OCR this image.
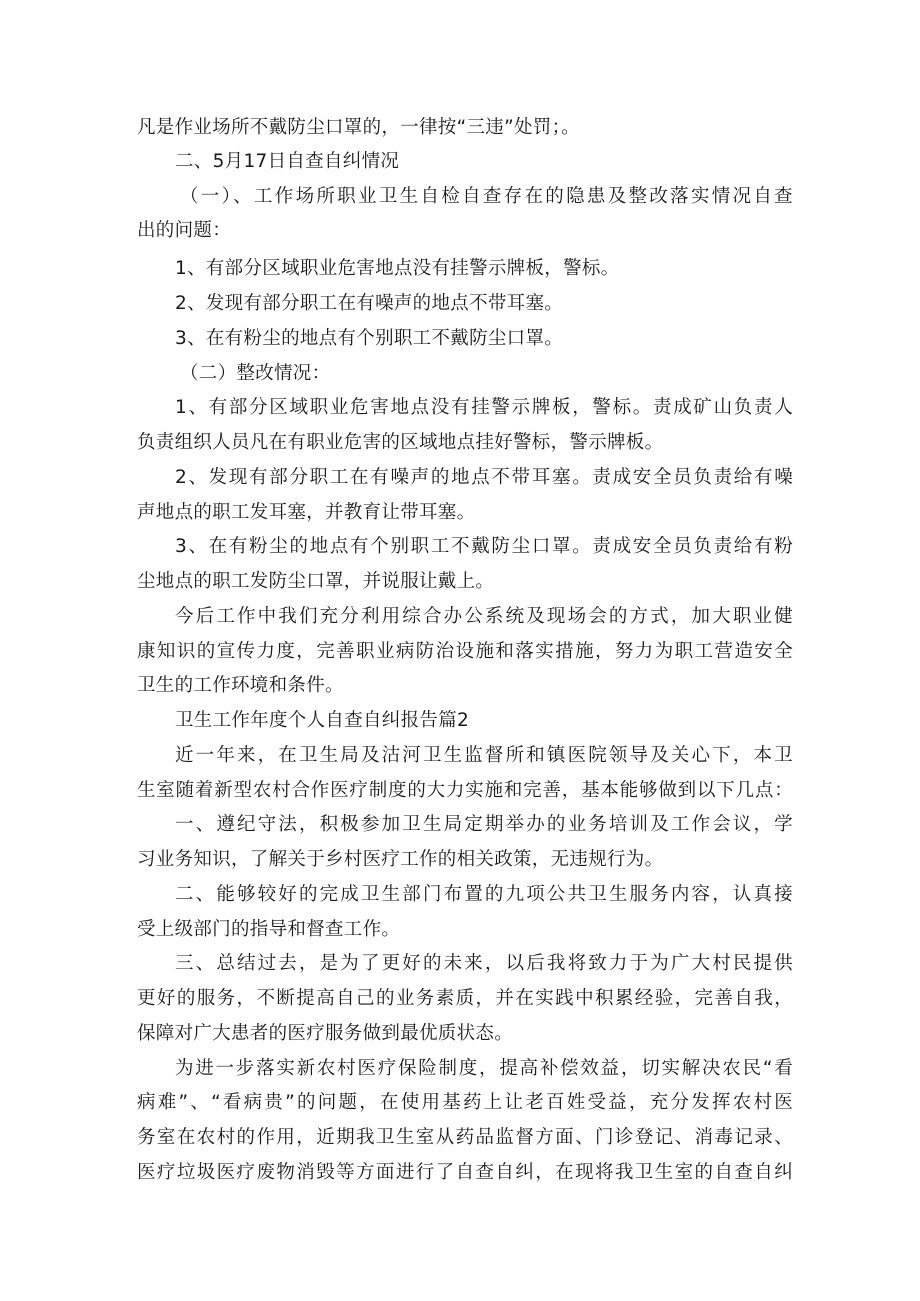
凡是作业场所不戴防尘口罩的，一律按“三违”处罚；。
二、5月17日自查自纠情况
（一）、工作场所职业卫生自检自查存在的隐患及整改落实情况自查
出的问题：
1、有部分区域职业危害地点没有挂警示牌板，警标。
2、发现有部分职工在有噪声的地点不带耳塞。
3、在有粉尘的地点有个别职工不戴防尘口罩。
（二）整改情况：
1、有部分区域职业危害地点没有挂警示牌板，警标。责成矿山负责人
负责组织人员凡在有职业危害的区域地点挂好警标，警示牌板。
2、发现有部分职工在有噪声的地点不带耳塞。责成安全员负责给有噪
声地点的职工发耳塞，并教育让带耳塞。
3、在有粉尘的地点有个别职工不戴防尘口罩。责成安全员负责给有粉
尘地点的职工发防尘口罩，并说服让戴上。
今后工作中我们充分利用综合办公系统及现场会的方式，加大职业健
康知识的宣传力度，完善职业病防治设施和落实措施，努力为职工营造安全
卫生的工作环境和条件。
卫生工作年度个人自查自纠报告篇2
近一年来，在卫生局及沽河卫生监督所和镇医院领导及关心下，本卫
生室随着新型农村合作医疗制度的大力实施和完善，基本能够做到以下几点：
一、遵纪守法，积极参加卫生局定期举办的业务培训及工作会议，学
习业务知识，了解关于乡村医疗工作的相关政策，无违规行为。
二、能够较好的完成卫生部门布置的九项公共卫生服务内容，认真接
受上级部门的指导和督查工作。
三、总结过去，是为了更好的未来，以后我将致力于为广大村民提供
更好的服务，不断提高自己的业务素质，并在实践中积累经验，完善自我，
保障对广大患者的医疗服务做到最优质状态。
为进一步落实新农村医疗保险制度，提高补偿效益，切实解决农民“看
病难”、“看病贵”的问题，在使用基药上让老百姓受益，充分发挥农村医
务室在农村的作用，近期我卫生室从药品监督方面、门诊登记、消毒记录、
医疗垃圾医疗废物消毁等方面进行了自查自纠，在现将我卫生室的自查自纠
